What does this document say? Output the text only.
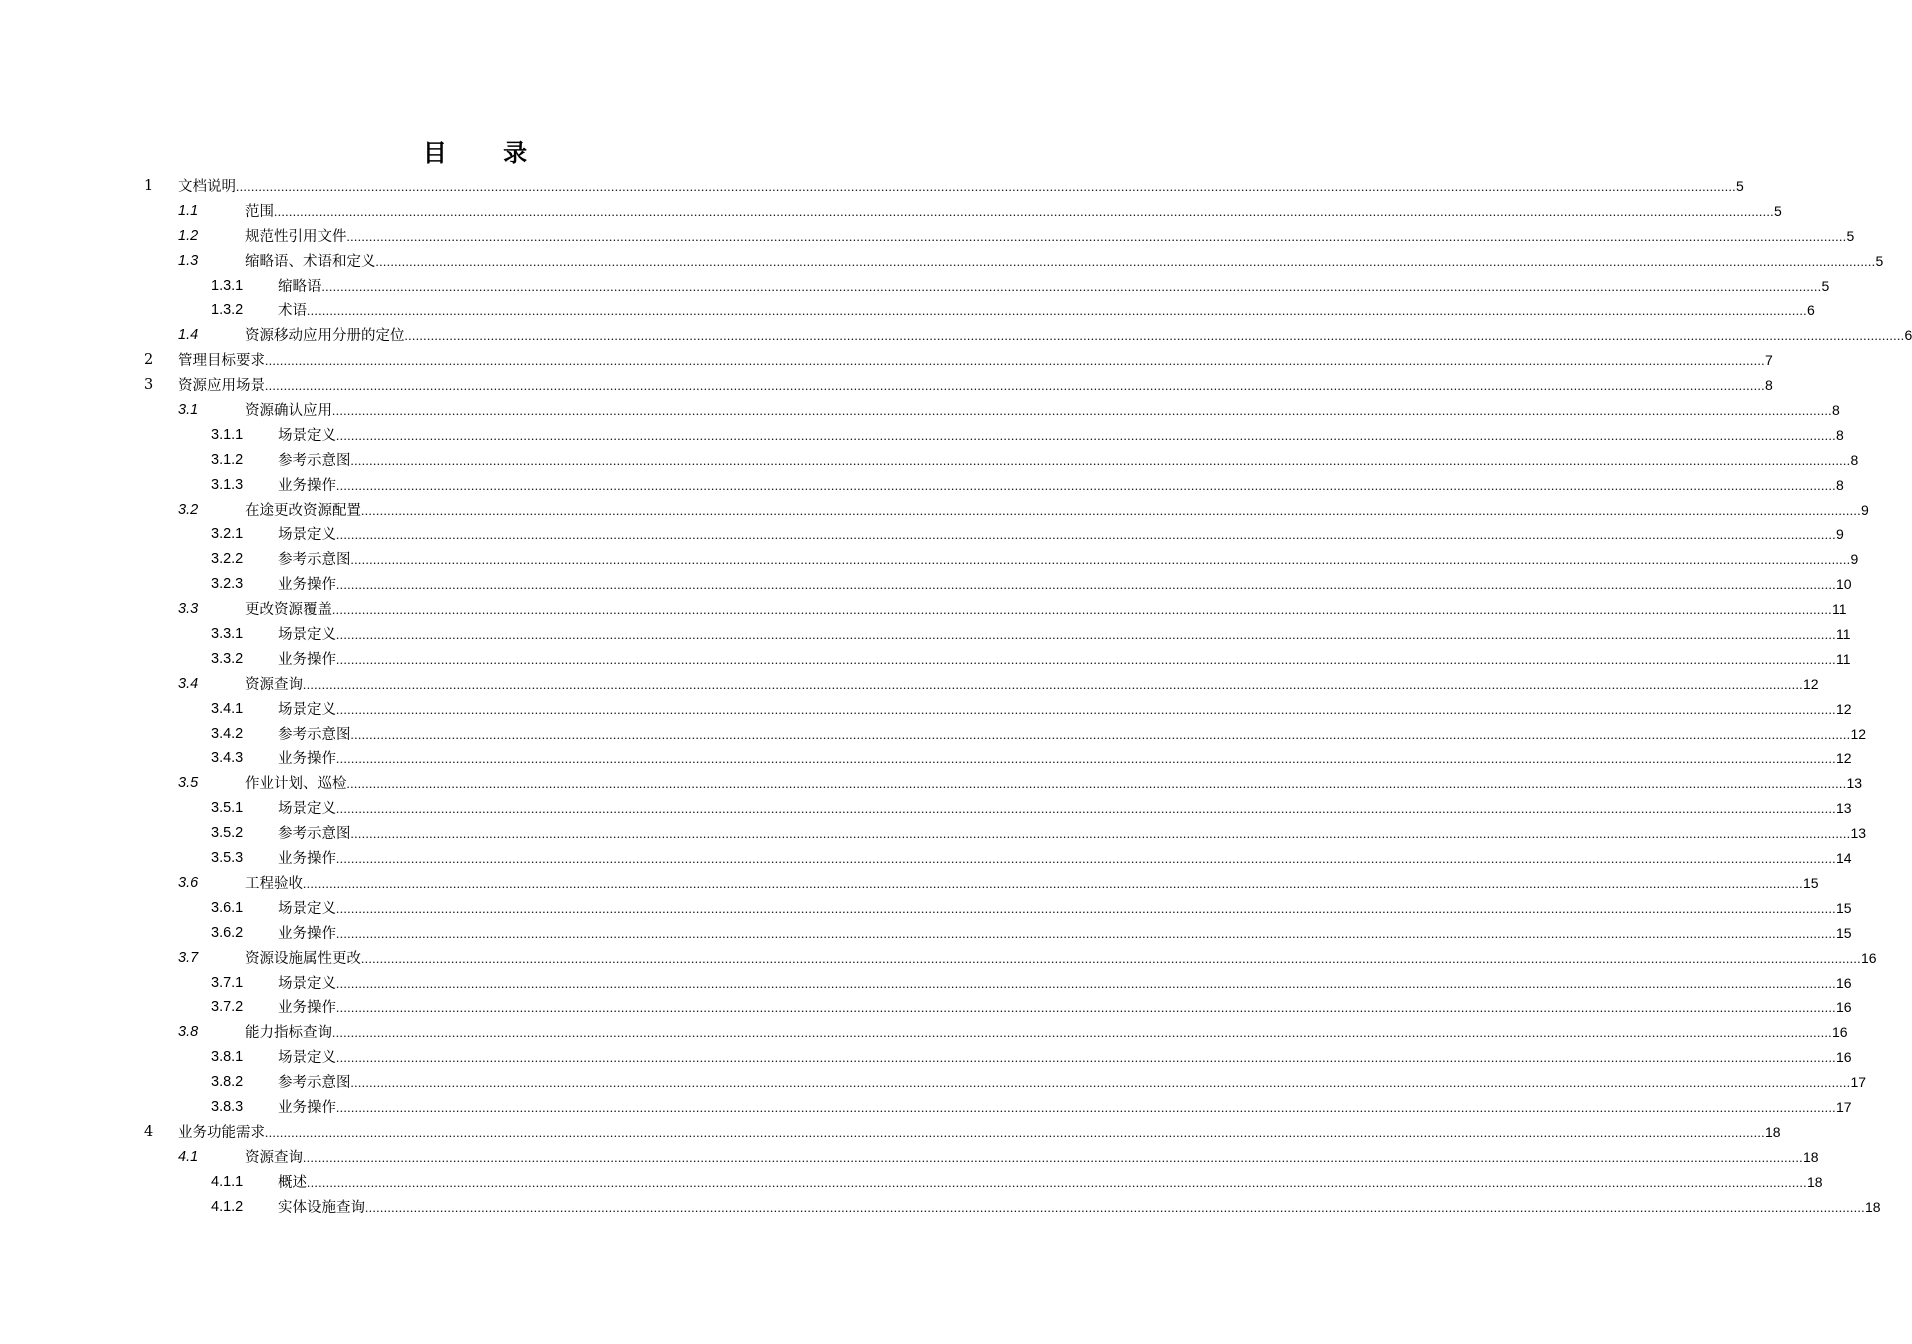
目 录
1 文档说明 ................................................................................................................................................................................................................................................................................................................................................................................................................ 5
1.1	范围 ................................................................................................................................................................................................................................................................................................................................................................................................................ 5
1.2	规范性引用文件 ................................................................................................................................................................................................................................................................................................................................................................................................................ 5
1.3	缩略语、术语和定义 ................................................................................................................................................................................................................................................................................................................................................................................................................ 5
1.3.1 缩略语 ................................................................................................................................................................................................................................................................................................................................................................................................................ 5
1.3.2 术语 ................................................................................................................................................................................................................................................................................................................................................................................................................ 6
1.4	资源移动应用分册的定位 ................................................................................................................................................................................................................................................................................................................................................................................................................ 6
2 管理目标要求 ................................................................................................................................................................................................................................................................................................................................................................................................................ 7
3 资源应用场景 ................................................................................................................................................................................................................................................................................................................................................................................................................ 8
3.1	资源确认应用 ................................................................................................................................................................................................................................................................................................................................................................................................................ 8
3.1.1 场景定义 ................................................................................................................................................................................................................................................................................................................................................................................................................ 8
3.1.2 参考示意图 ................................................................................................................................................................................................................................................................................................................................................................................................................ 8
3.1.3 业务操作 ................................................................................................................................................................................................................................................................................................................................................................................................................ 8
3.2	在途更改资源配置 ................................................................................................................................................................................................................................................................................................................................................................................................................ 9
3.2.1 场景定义 ................................................................................................................................................................................................................................................................................................................................................................................................................ 9
3.2.2 参考示意图 ................................................................................................................................................................................................................................................................................................................................................................................................................ 9
3.2.3 业务操作 ................................................................................................................................................................................................................................................................................................................................................................................................................ 10
3.3	更改资源覆盖 ................................................................................................................................................................................................................................................................................................................................................................................................................ 11
3.3.1 场景定义 ................................................................................................................................................................................................................................................................................................................................................................................................................ 11
3.3.2 业务操作 ................................................................................................................................................................................................................................................................................................................................................................................................................ 11
3.4	资源查询 ................................................................................................................................................................................................................................................................................................................................................................................................................ 12
3.4.1 场景定义 ................................................................................................................................................................................................................................................................................................................................................................................................................ 12
3.4.2 参考示意图 ................................................................................................................................................................................................................................................................................................................................................................................................................ 12
3.4.3 业务操作 ................................................................................................................................................................................................................................................................................................................................................................................................................ 12
3.5	作业计划、巡检 ................................................................................................................................................................................................................................................................................................................................................................................................................ 13
3.5.1 场景定义 ................................................................................................................................................................................................................................................................................................................................................................................................................ 13
3.5.2 参考示意图 ................................................................................................................................................................................................................................................................................................................................................................................................................ 13
3.5.3 业务操作 ................................................................................................................................................................................................................................................................................................................................................................................................................ 14
3.6	工程验收 ................................................................................................................................................................................................................................................................................................................................................................................................................ 15
3.6.1 场景定义 ................................................................................................................................................................................................................................................................................................................................................................................................................ 15
3.6.2 业务操作 ................................................................................................................................................................................................................................................................................................................................................................................................................ 15
3.7	资源设施属性更改 ................................................................................................................................................................................................................................................................................................................................................................................................................ 16
3.7.1 场景定义 ................................................................................................................................................................................................................................................................................................................................................................................................................ 16
3.7.2 业务操作 ................................................................................................................................................................................................................................................................................................................................................................................................................ 16
3.8	能力指标查询 ................................................................................................................................................................................................................................................................................................................................................................................................................ 16
3.8.1 场景定义 ................................................................................................................................................................................................................................................................................................................................................................................................................ 16
3.8.2 参考示意图 ................................................................................................................................................................................................................................................................................................................................................................................................................ 17
3.8.3 业务操作 ................................................................................................................................................................................................................................................................................................................................................................................................................ 17
4 业务功能需求 ................................................................................................................................................................................................................................................................................................................................................................................................................ 18
4.1	资源查询 ................................................................................................................................................................................................................................................................................................................................................................................................................ 18
4.1.1 概述 ................................................................................................................................................................................................................................................................................................................................................................................................................ 18
4.1.2 实体设施查询 ................................................................................................................................................................................................................................................................................................................................................................................................................ 18
